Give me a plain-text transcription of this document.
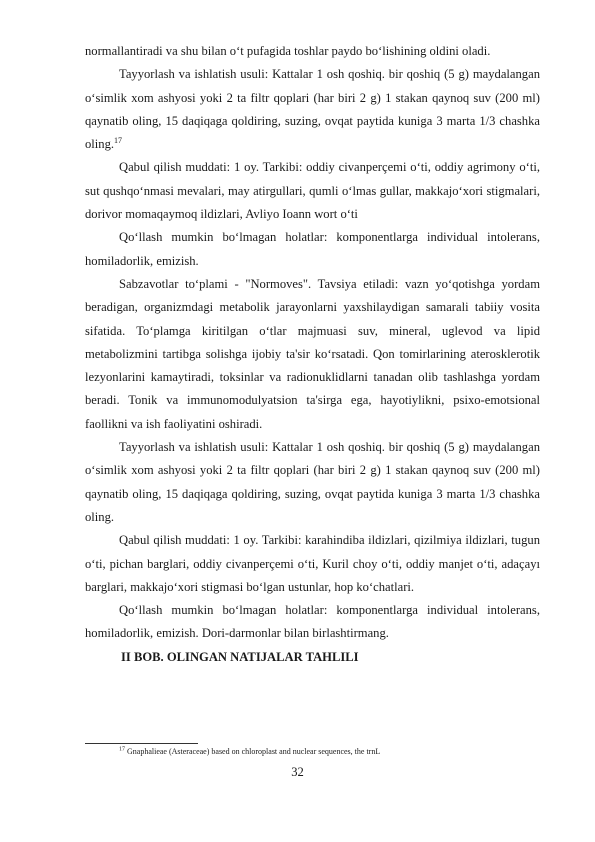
normallantiradi va shu bilan o‘t pufagida toshlar paydo bo‘lishining oldini oladi.

Tayyorlash va ishlatish usuli: Kattalar 1 osh qoshiq. bir qoshiq (5 g) maydalangan o‘simlik xom ashyosi yoki 2 ta filtr qoplari (har biri 2 g) 1 stakan qaynoq suv (200 ml) qaynatib oling, 15 daqiqaga qoldiring, suzing, ovqat paytida kuniga 3 marta 1/3 chashka oling.$^{17}$

Qabul qilish muddati: 1 oy. Tarkibi: oddiy civanperçemi o‘ti, oddiy agrimony o‘ti, sut qushqo‘nmasi mevalari, may atirgullari, qumli o‘lmas gullar, makkajo‘xori stigmalari, dorivor momaqaymoq ildizlari, Avliyo Ioann wort o‘ti

Qo‘llash mumkin bo‘lmagan holatlar: komponentlarga individual intolerans, homiladorlik, emizish.

Sabzavotlar to‘plami - "Normoves". Tavsiya etiladi: vazn yo‘qotishga yordam beradigan, organizmdagi metabolik jarayonlarni yaxshilaydigan samarali tabiiy vosita sifatida. To‘plamga kiritilgan o‘tlar majmuasi suv, mineral, uglevod va lipid metabolizmini tartibga solishga ijobiy ta'sir ko‘rsatadi. Qon tomirlarining aterosklerotik lezyonlarini kamaytiradi, toksinlar va radionuklidlarni tanadan olib tashlashga yordam beradi. Tonik va immunomodulyatsion ta'sirga ega, hayotiylikni, psixo-emotsional faollikni va ish faoliyatini oshiradi.

Tayyorlash va ishlatish usuli: Kattalar 1 osh qoshiq. bir qoshiq (5 g) maydalangan o‘simlik xom ashyosi yoki 2 ta filtr qoplari (har biri 2 g) 1 stakan qaynoq suv (200 ml) qaynatib oling, 15 daqiqaga qoldiring, suzing, ovqat paytida kuniga 3 marta 1/3 chashka oling.

Qabul qilish muddati: 1 oy. Tarkibi: karahindiba ildizlari, qizilmiya ildizlari, tugun o‘ti, pichan barglari, oddiy civanperçemi o‘ti, Kuril choy o‘ti, oddiy manjet o‘ti, adaçayı barglari, makkajo‘xori stigmasi bo‘lgan ustunlar, hop ko‘chatlari.

Qo‘llash mumkin bo‘lmagan holatlar: komponentlarga individual intolerans, homiladorlik, emizish. Dori-darmonlar bilan birlashtirmang.

II BOB. OLINGAN NATIJALAR TAHLILI

$^{17}$ Gnaphalieae (Asteraceae) based on chloroplast and nuclear sequences, the trnL
32
